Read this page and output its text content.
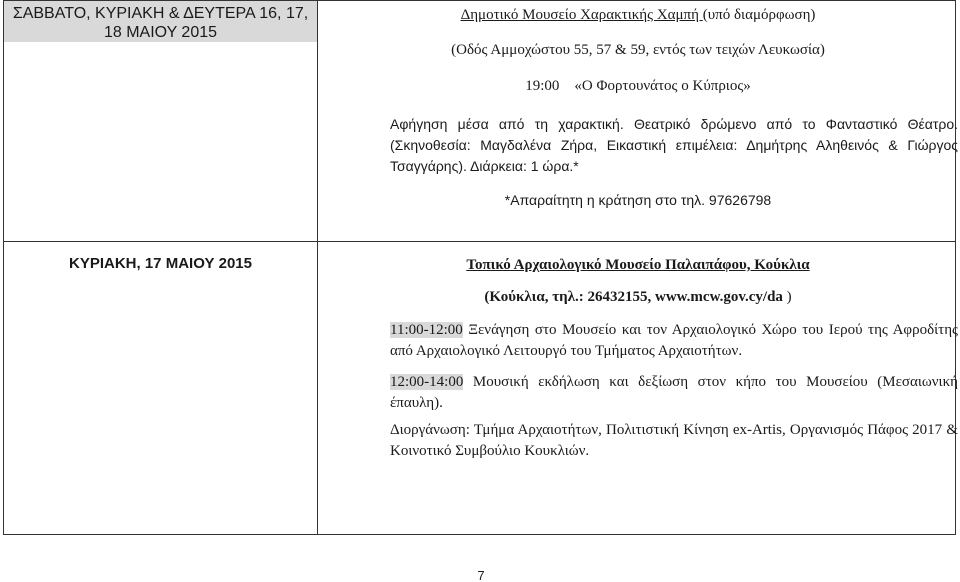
ΣΑΒΒΑΤΟ, ΚΥΡΙΑΚΗ & ΔΕΥΤΕΡΑ 16, 17, 18 ΜΑΙΟΥ 2015
Δημοτικό Μουσείο Χαρακτικής Χαμπή (υπό διαμόρφωση)
(Οδός Αμμοχώστου 55, 57 & 59, εντός των τειχών Λευκωσία)
19:00 «Ο Φορτουνάτος ο Κύπριος»
Αφήγηση μέσα από τη χαρακτική. Θεατρικό δρώμενο από το Φανταστικό Θέατρο. (Σκηνοθεσία: Μαγδαλένα Ζήρα, Εικαστική επιμέλεια: Δημήτρης Αληθεινός & Γιώργος Τσαγγάρης). Διάρκεια: 1 ώρα.*
*Απαραίτητη η κράτηση στο τηλ. 97626798
ΚΥΡΙΑΚΗ, 17 ΜΑΙΟΥ 2015	Τοπικό Αρχαιολογικό Μουσείο Παλαιπάφου, Κούκλια
(Κούκλια, τηλ.: 26432155, www.mcw.gov.cy/da )
11:00-12:00 Ξενάγηση στο Μουσείο και τον Αρχαιολογικό Χώρο του Ιερού της Αφροδίτης από Αρχαιολογικό Λειτουργό του Τμήματος Αρχαιοτήτων.
12:00-14:00 Μουσική εκδήλωση και δεξίωση στον κήπο του Μουσείου (Μεσαιωνική έπαυλη).
Διοργάνωση: Τμήμα Αρχαιοτήτων, Πολιτιστική Κίνηση ex-Artis, Οργανισμός Πάφος 2017 & Κοινοτικό Συμβούλιο Κουκλιών.
7
